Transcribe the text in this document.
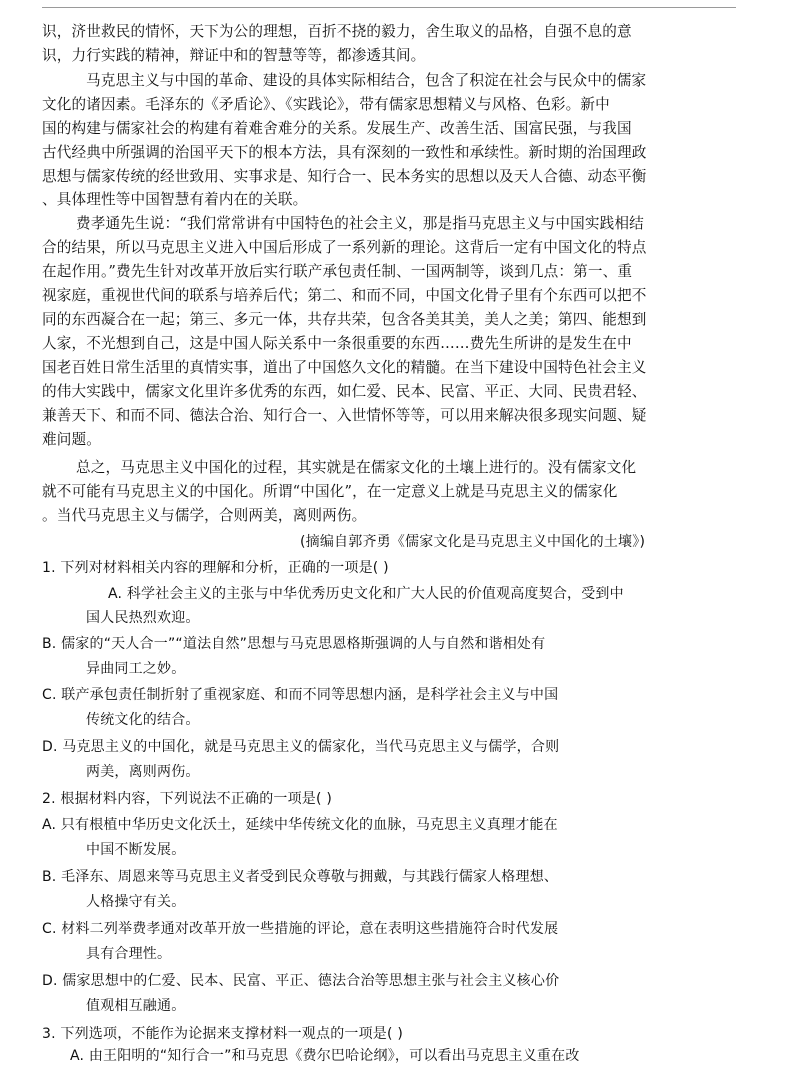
识，济世救民的情怀，天下为公的理想，百折不挠的毅力，舍生取义的品格，自强不息的意
识，力行实践的精神，辩证中和的智慧等等，都渗透其间。
马克思主义与中国的革命、建设的具体实际相结合，包含了积淀在社会与民众中的儒家
文化的诸因素。毛泽东的《矛盾论》、《实践论》，带有儒家思想精义与风格、色彩。新中
国的构建与儒家社会的构建有着难舍难分的关系。发展生产、改善生活、国富民强，与我国
古代经典中所强调的治国平天下的根本方法，具有深刻的一致性和承续性。新时期的治国理政
思想与儒家传统的经世致用、实事求是、知行合一、民本务实的思想以及天人合德、动态平衡
、具体理性等中国智慧有着内在的关联。
费孝通先生说：“我们常常讲有中国特色的社会主义，那是指马克思主义与中国实践相结
合的结果，所以马克思主义进入中国后形成了一系列新的理论。这背后一定有中国文化的特点
在起作用。”费先生针对改革开放后实行联产承包责任制、一国两制等，谈到几点：第一、重
视家庭，重视世代间的联系与培养后代；第二、和而不同，中国文化骨子里有个东西可以把不
同的东西凝合在一起；第三、多元一体，共存共荣，包含各美其美，美人之美；第四、能想到
人家，不光想到自己，这是中国人际关系中一条很重要的东西……费先生所讲的是发生在中
国老百姓日常生活里的真情实事，道出了中国悠久文化的精髓。在当下建设中国特色社会主义
的伟大实践中，儒家文化里许多优秀的东西，如仁爱、民本、民富、平正、大同、民贵君轻、
兼善天下、和而不同、德法合治、知行合一、入世情怀等等，可以用来解决很多现实问题、疑
难问题。
总之，马克思主义中国化的过程，其实就是在儒家文化的土壤上进行的。没有儒家文化
就不可能有马克思主义的中国化。所谓“中国化”，在一定意义上就是马克思主义的儒家化
。当代马克思主义与儒学，合则两美，离则两伤。
(摘编自郭齐勇《儒家文化是马克思主义中国化的土壤》)
1. 下列对材料相关内容的理解和分析，正确的一项是( )
A. 科学社会主义的主张与中华优秀历史文化和广大人民的价值观高度契合，受到中
国人民热烈欢迎。
B. 儒家的“天人合一”“道法自然”思想与马克思恩格斯强调的人与自然和谐相处有
异曲同工之妙。
C. 联产承包责任制折射了重视家庭、和而不同等思想内涵，是科学社会主义与中国
传统文化的结合。
D. 马克思主义的中国化，就是马克思主义的儒家化，当代马克思主义与儒学，合则
两美，离则两伤。
2. 根据材料内容，下列说法不正确的一项是( )
A. 只有根植中华历史文化沃土，延续中华传统文化的血脉，马克思主义真理才能在
中国不断发展。
B. 毛泽东、周恩来等马克思主义者受到民众尊敬与拥戴，与其践行儒家人格理想、
人格操守有关。
C. 材料二列举费孝通对改革开放一些措施的评论，意在表明这些措施符合时代发展
具有合理性。
D. 儒家思想中的仁爱、民本、民富、平正、德法合治等思想主张与社会主义核心价
值观相互融通。
3. 下列选项，不能作为论据来支撑材料一观点的一项是( )
A. 由王阳明的“知行合一”和马克思《费尔巴哈论纲》，可以看出马克思主义重在改
